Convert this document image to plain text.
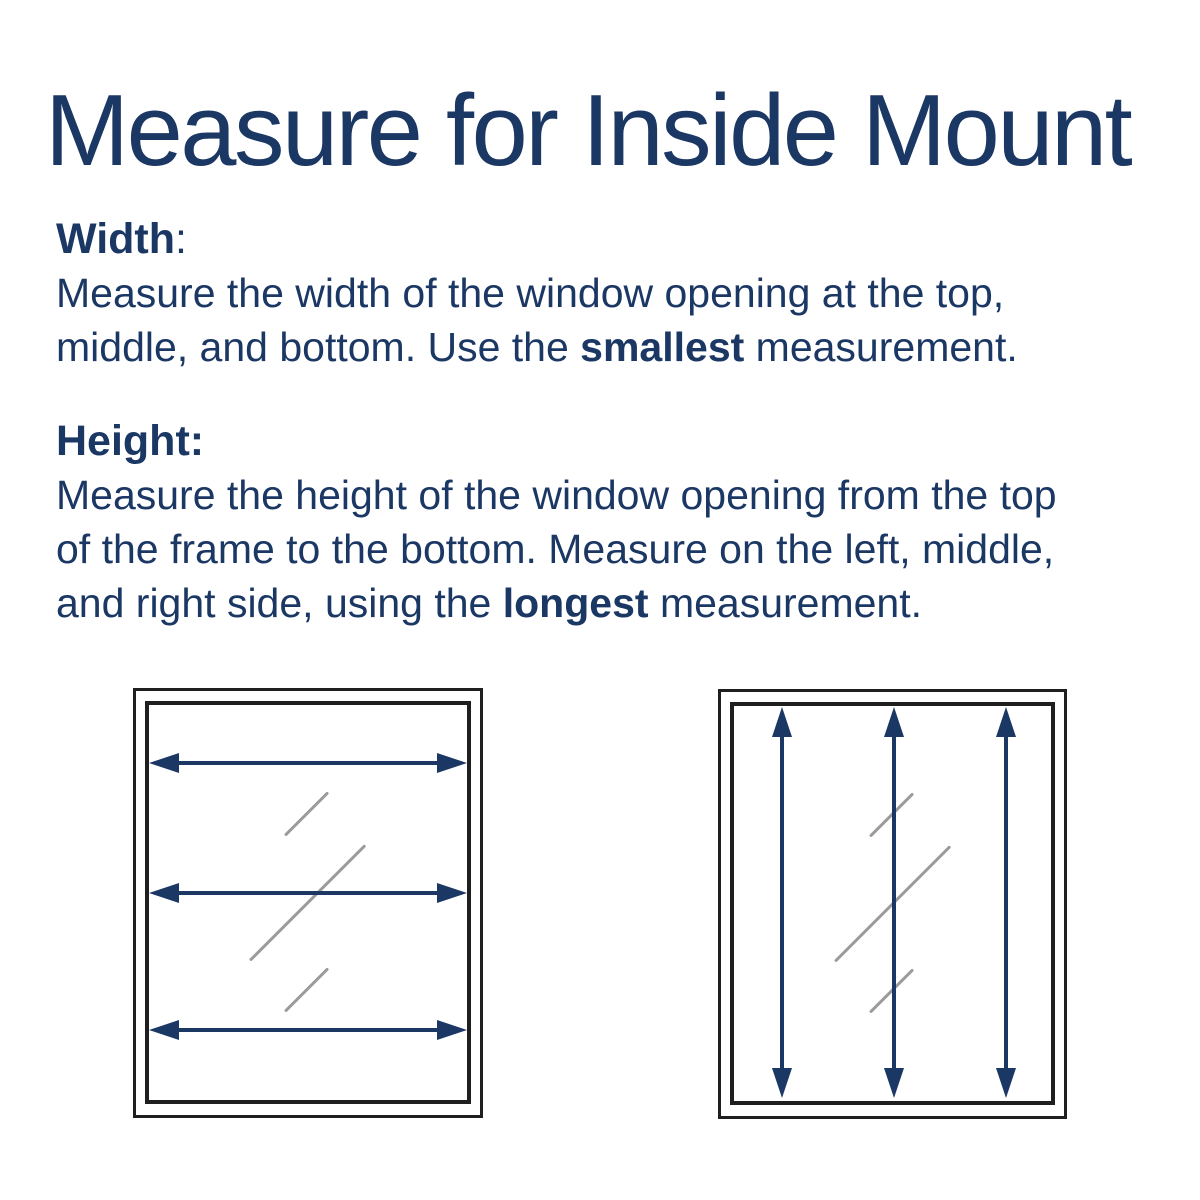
Measure for Inside Mount
Width:
Measure the width of the window opening at the top,
middle, and bottom. Use the smallest measurement.
Height:
Measure the height of the window opening from the top
of the frame to the bottom. Measure on the left, middle,
and right side, using the longest measurement.
